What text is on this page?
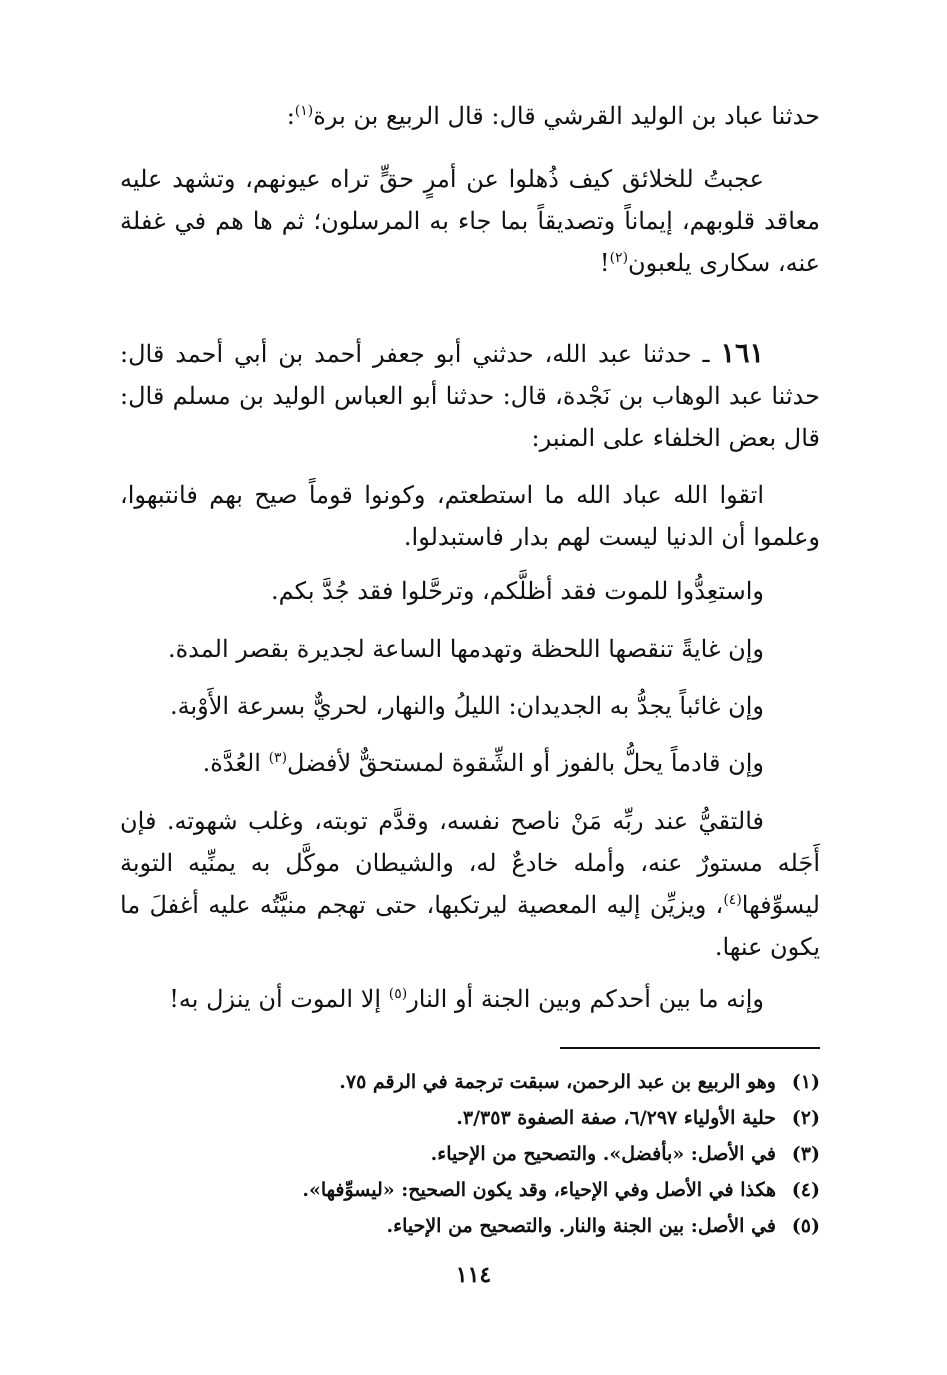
حدثنا عباد بن الوليد القرشي قال: قال الربيع بن برة$^{(١)}$:

عجبتُ للخلائق كيف ذُهلوا عن أمرٍ حقٍّ تراه عيونهم، وتشهد عليه معاقد قلوبهم، إيماناً وتصديقاً بما جاء به المرسلون؛ ثم ها هم في غفلة عنه، سكارى يلعبون$^{(٢)}$!

١٦١ ـ حدثنا عبد الله، حدثني أبو جعفر أحمد بن أبي أحمد قال: حدثنا عبد الوهاب بن نَجْدة، قال: حدثنا أبو العباس الوليد بن مسلم قال: قال بعض الخلفاء على المنبر:

اتقوا الله عباد الله ما استطعتم، وكونوا قوماً صيح بهم فانتبهوا، وعلموا أن الدنيا ليست لهم بدار فاستبدلوا.

واستعِدُّوا للموت فقد أظلَّكم، وترحَّلوا فقد جُدَّ بكم.

وإن غايةً تنقصها اللحظة وتهدمها الساعة لجديرة بقصر المدة.

وإن غائباً يجدُّ به الجديدان: الليلُ والنهار، لحريٌّ بسرعة الأَوْبة.

وإن قادماً يحلُّ بالفوز أو الشِّقوة لمستحقٌّ لأفضل$^{(٣)}$ العُدَّة.

فالتقيُّ عند ربِّه مَنْ ناصح نفسه، وقدَّم توبته، وغلب شهوته. فإن أَجَله مستورٌ عنه، وأمله خادعٌ له، والشيطان موكَّل به يمنِّيه التوبة ليسوِّفها$^{(٤)}$، ويزيِّن إليه المعصية ليرتكبها، حتى تهجم منيَّتُه عليه أغفلَ ما يكون عنها.

وإنه ما بين أحدكم وبين الجنة أو النار$^{(٥)}$ إلا الموت أن ينزل به!

(١)
وهو الربيع بن عبد الرحمن، سبقت ترجمة في الرقم ٧٥.
(٢)
حلية الأولياء ٦/٢٩٧، صفة الصفوة ٣/٣٥٣.
(٣)
في الأصل: «بأفضل». والتصحيح من الإحياء.
(٤)
هكذا في الأصل وفي الإحياء، وقد يكون الصحيح: «ليسوِّفها».
(٥)
في الأصل: بين الجنة والنار. والتصحيح من الإحياء.
١١٤
